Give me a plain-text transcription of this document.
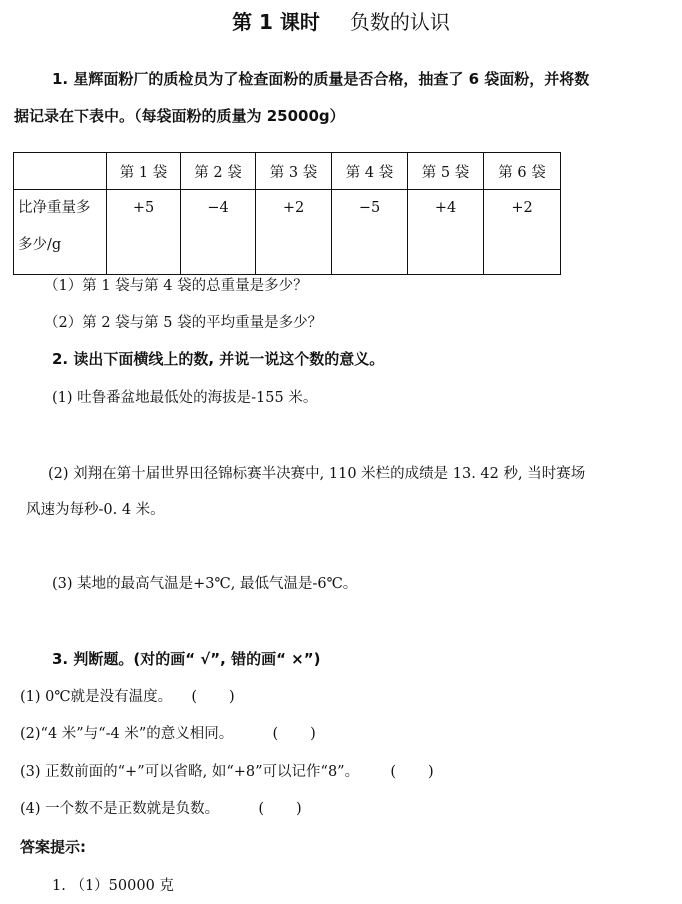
第 1 课时 负数的认识
1. 星辉面粉厂的质检员为了检查面粉的质量是否合格，抽查了 6 袋面粉，并将数
据记录在下表中。（每袋面粉的质量为 25000g）
	第 1 袋	第 2 袋	第 3 袋	第 4 袋	第 5 袋	第 6 袋

比净重量多
多少/g	+5	−4	+2	−5	+4	+2
（1）第 1 袋与第 4 袋的总重量是多少？
（2）第 2 袋与第 5 袋的平均重量是多少？
2. 读出下面横线上的数, 并说一说这个数的意义。
(1) 吐鲁番盆地最低处的海拔是-155 米。
(2) 刘翔在第十届世界田径锦标赛半决赛中, 110 米栏的成绩是 13. 42 秒, 当时赛场
风速为每秒-0. 4 米。
(3) 某地的最高气温是+3℃, 最低气温是-6℃。
3. 判断题。(对的画“ √”, 错的画“ ×”)
(1) 0℃就是没有温度。 ( )
(2)“4 米”与“-4 米”的意义相同。	( )
(3) 正数前面的“+”可以省略, 如“+8”可以记作“8”。 ( )
(4) 一个数不是正数就是负数。	( )
答案提示:
1. （1）50000 克
